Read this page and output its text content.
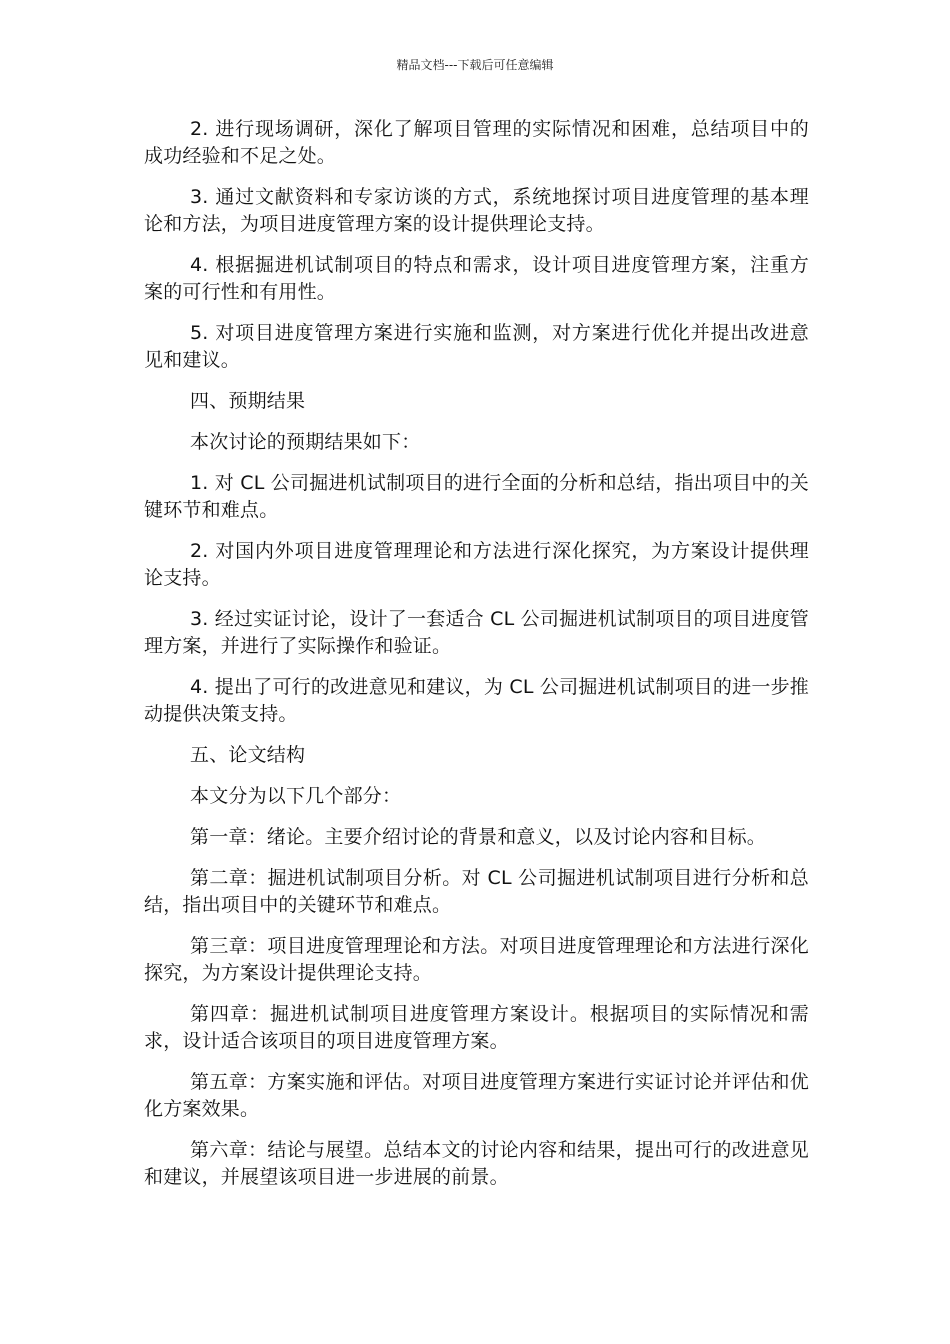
精品文档---下载后可任意编辑

2. 进行现场调研，深化了解项目管理的实际情况和困难，总结项目中的成功经验和不足之处。

3. 通过文献资料和专家访谈的方式，系统地探讨项目进度管理的基本理论和方法，为项目进度管理方案的设计提供理论支持。

4. 根据掘进机试制项目的特点和需求，设计项目进度管理方案，注重方案的可行性和有用性。

5. 对项目进度管理方案进行实施和监测，对方案进行优化并提出改进意见和建议。

四、预期结果

本次讨论的预期结果如下：

1. 对 CL 公司掘进机试制项目的进行全面的分析和总结，指出项目中的关键环节和难点。

2. 对国内外项目进度管理理论和方法进行深化探究，为方案设计提供理论支持。

3. 经过实证讨论，设计了一套适合 CL 公司掘进机试制项目的项目进度管理方案，并进行了实际操作和验证。

4. 提出了可行的改进意见和建议，为 CL 公司掘进机试制项目的进一步推动提供决策支持。

五、论文结构

本文分为以下几个部分：

第一章：绪论。主要介绍讨论的背景和意义，以及讨论内容和目标。

第二章：掘进机试制项目分析。对 CL 公司掘进机试制项目进行分析和总结，指出项目中的关键环节和难点。

第三章：项目进度管理理论和方法。对项目进度管理理论和方法进行深化探究，为方案设计提供理论支持。

第四章：掘进机试制项目进度管理方案设计。根据项目的实际情况和需求，设计适合该项目的项目进度管理方案。

第五章：方案实施和评估。对项目进度管理方案进行实证讨论并评估和优化方案效果。

第六章：结论与展望。总结本文的讨论内容和结果，提出可行的改进意见和建议，并展望该项目进一步进展的前景。
